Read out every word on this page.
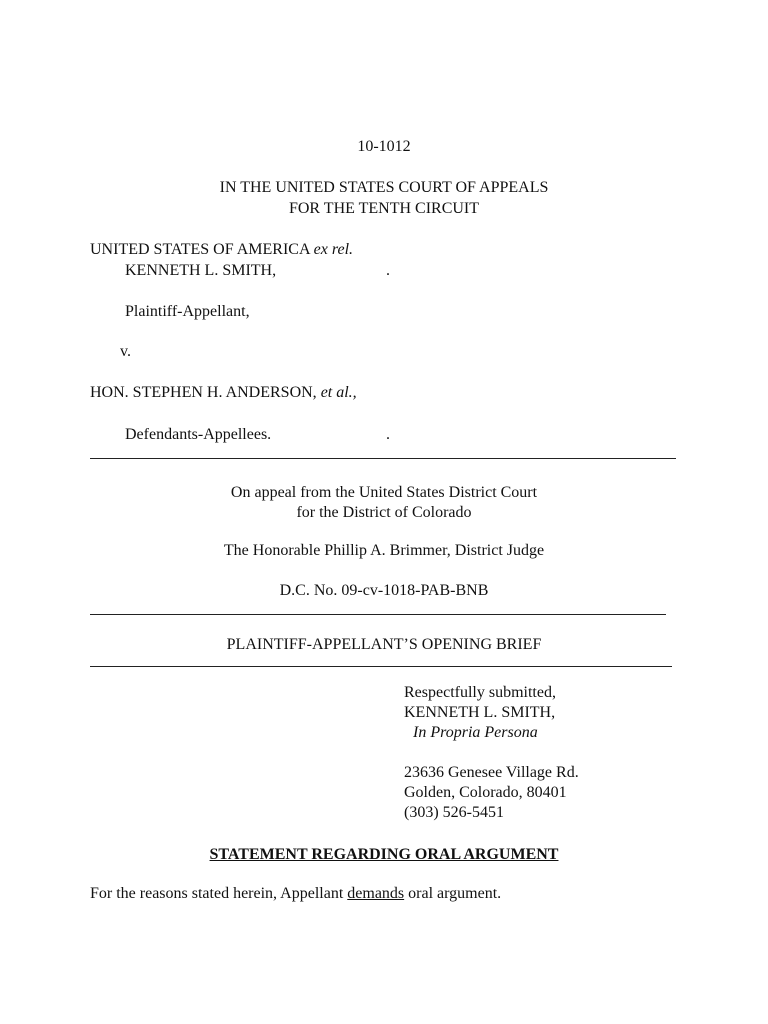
10-1012
IN THE UNITED STATES COURT OF APPEALS
FOR THE TENTH CIRCUIT
UNITED STATES OF AMERICA ex rel.
KENNETH L. SMITH,	.
Plaintiff-Appellant,
v.
HON. STEPHEN H. ANDERSON, et al.,
Defendants-Appellees.	.
On appeal from the United States District Court
for the District of Colorado
The Honorable Phillip A. Brimmer, District Judge
D.C. No. 09-cv-1018-PAB-BNB
PLAINTIFF-APPELLANT’S OPENING BRIEF
Respectfully submitted,
KENNETH L. SMITH,
In Propria Persona
23636 Genesee Village Rd.
Golden, Colorado, 80401
(303) 526-5451
STATEMENT REGARDING ORAL ARGUMENT
For the reasons stated herein, Appellant demands oral argument.
